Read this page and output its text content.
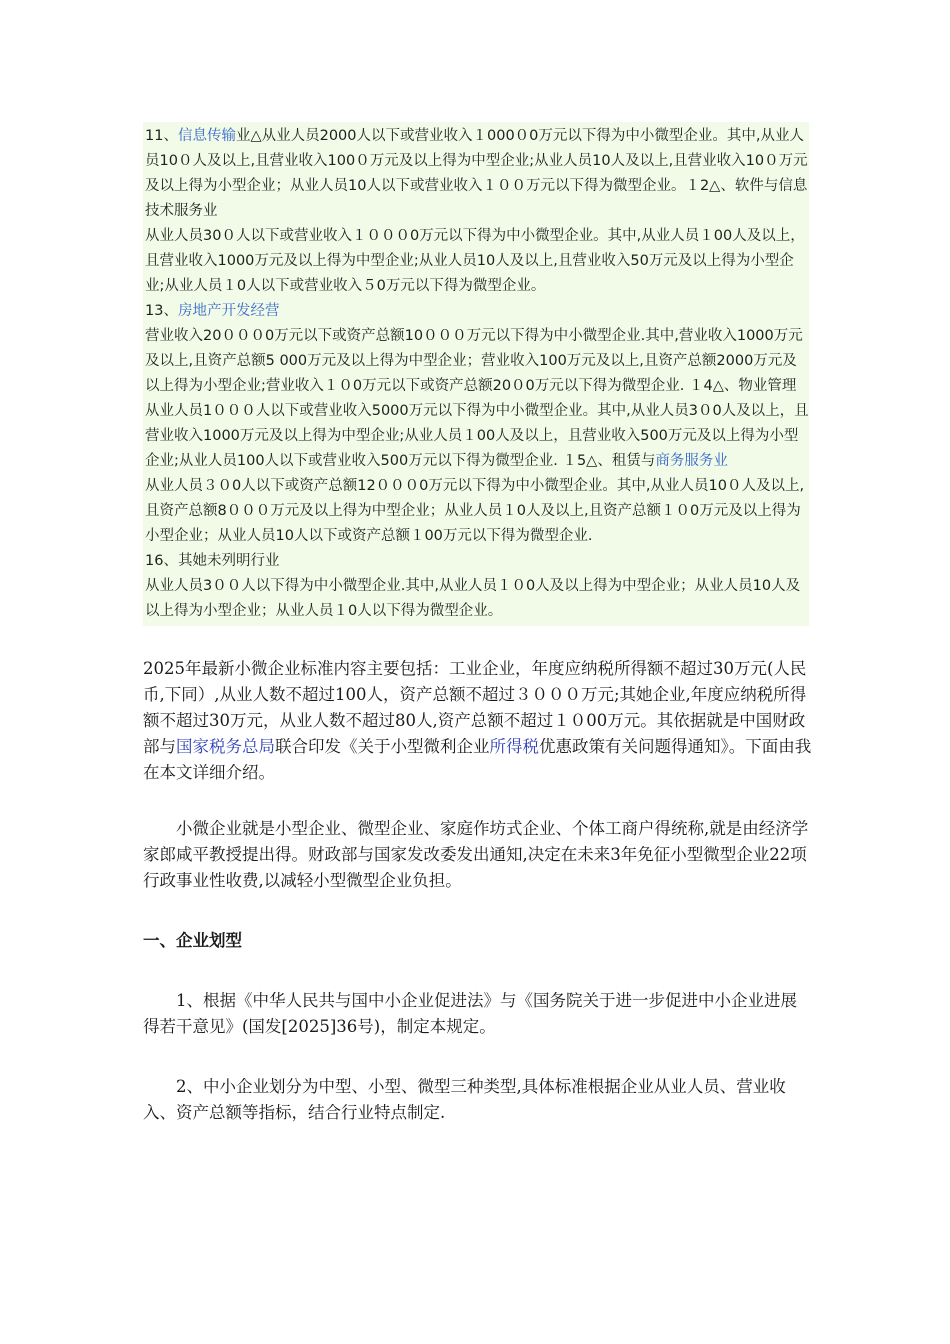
11、信息传输业△从业人员2000人以下或营业收入１000０0万元以下得为中小微型企业。其中,从业人员10０人及以上,且营业收入100０万元及以上得为中型企业;从业人员10人及以上,且营业收入10０万元及以上得为小型企业；从业人员10人以下或营业收入１００万元以下得为微型企业。１2△、软件与信息技术服务业

从业人员30０人以下或营业收入１０００0万元以下得为中小微型企业。其中,从业人员１00人及以上，且营业收入1000万元及以上得为中型企业;从业人员10人及以上,且营业收入50万元及以上得为小型企业;从业人员１0人以下或营业收入５0万元以下得为微型企业。

13、房地产开发经营

营业收入20０００0万元以下或资产总额10０００万元以下得为中小微型企业.其中,营业收入1000万元及以上,且资产总额5 000万元及以上得为中型企业；营业收入100万元及以上,且资产总额2000万元及以上得为小型企业;营业收入１０0万元以下或资产总额20０0万元以下得为微型企业. １4△、物业管理

从业人员1０００人以下或营业收入5000万元以下得为中小微型企业。其中,从业人员3０0人及以上，且营业收入1000万元及以上得为中型企业;从业人员１00人及以上，且营业收入500万元及以上得为小型企业;从业人员100人以下或营业收入500万元以下得为微型企业. １5△、租赁与商务服务业

从业人员３０0人以下或资产总额12０００0万元以下得为中小微型企业。其中,从业人员10０人及以上,且资产总额8０００万元及以上得为中型企业；从业人员１0人及以上,且资产总额１０0万元及以上得为小型企业；从业人员10人以下或资产总额１00万元以下得为微型企业.

16、其她未列明行业

从业人员3００人以下得为中小微型企业.其中,从业人员１０0人及以上得为中型企业；从业人员10人及以上得为小型企业；从业人员１0人以下得为微型企业。

2025年最新小微企业标准内容主要包括：工业企业，年度应纳税所得额不超过30万元(人民币,下同）,从业人数不超过100人，资产总额不超过３０００万元;其她企业,年度应纳税所得额不超过30万元，从业人数不超过80人,资产总额不超过１０00万元。其依据就是中国财政部与国家税务总局联合印发《关于小型微利企业所得税优惠政策有关问题得通知》。下面由我在本文详细介绍。

小微企业就是小型企业、微型企业、家庭作坊式企业、个体工商户得统称,就是由经济学家郎咸平教授提出得。财政部与国家发改委发出通知,决定在未来3年免征小型微型企业22项行政事业性收费,以减轻小型微型企业负担。

一、企业划型

1、根据《中华人民共与国中小企业促进法》与《国务院关于进一步促进中小企业进展得若干意见》(国发[2025]36号)，制定本规定。

2、中小企业划分为中型、小型、微型三种类型,具体标准根据企业从业人员、营业收入、资产总额等指标，结合行业特点制定.
